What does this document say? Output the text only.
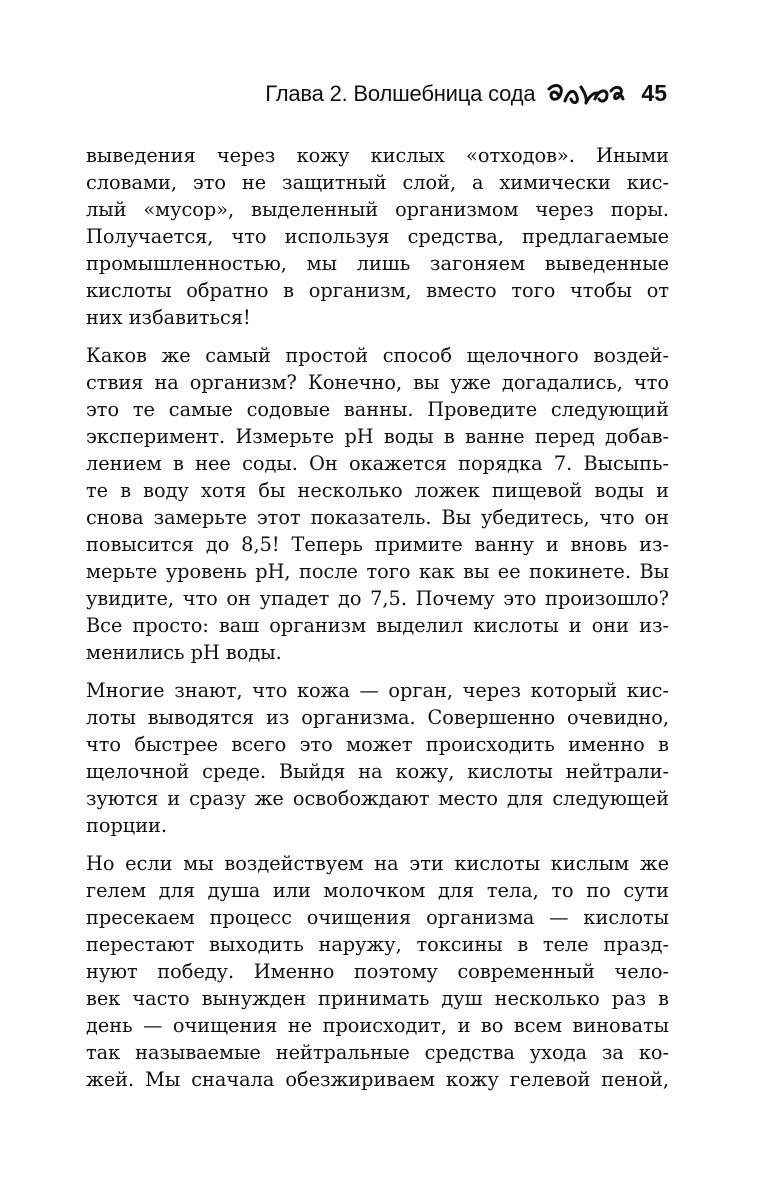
Глава 2. Волшебница сода	45
выведения через кожу кислых «отходов». Иными
словами, это не защитный слой, а химически кис-
лый «мусор», выделенный организмом через поры.
Получается, что используя средства, предлагаемые
промышленностью, мы лишь загоняем выведенные
кислоты обратно в организм, вместо того чтобы от
них избавиться!
Каков же самый простой способ щелочного воздей-
ствия на организм? Конечно, вы уже догадались, что
это те самые содовые ванны. Проведите следующий
эксперимент. Измерьте pH воды в ванне перед добав-
лением в нее соды. Он окажется порядка 7. Высыпь-
те в воду хотя бы несколько ложек пищевой воды и
снова замерьте этот показатель. Вы убедитесь, что он
повысится до 8,5! Теперь примите ванну и вновь из-
мерьте уровень pH, после того как вы ее покинете. Вы
увидите, что он упадет до 7,5. Почему это произошло?
Все просто: ваш организм выделил кислоты и они из-
менились pH воды.
Многие знают, что кожа — орган, через который кис-
лоты выводятся из организма. Совершенно очевидно,
что быстрее всего это может происходить именно в
щелочной среде. Выйдя на кожу, кислоты нейтрали-
зуются и сразу же освобождают место для следующей
порции.
Но если мы воздействуем на эти кислоты кислым же
гелем для душа или молочком для тела, то по сути
пресекаем процесс очищения организма — кислоты
перестают выходить наружу, токсины в теле празд-
нуют победу. Именно поэтому современный чело-
век часто вынужден принимать душ несколько раз в
день — очищения не происходит, и во всем виноваты
так называемые нейтральные средства ухода за ко-
жей. Мы сначала обезжириваем кожу гелевой пеной,
